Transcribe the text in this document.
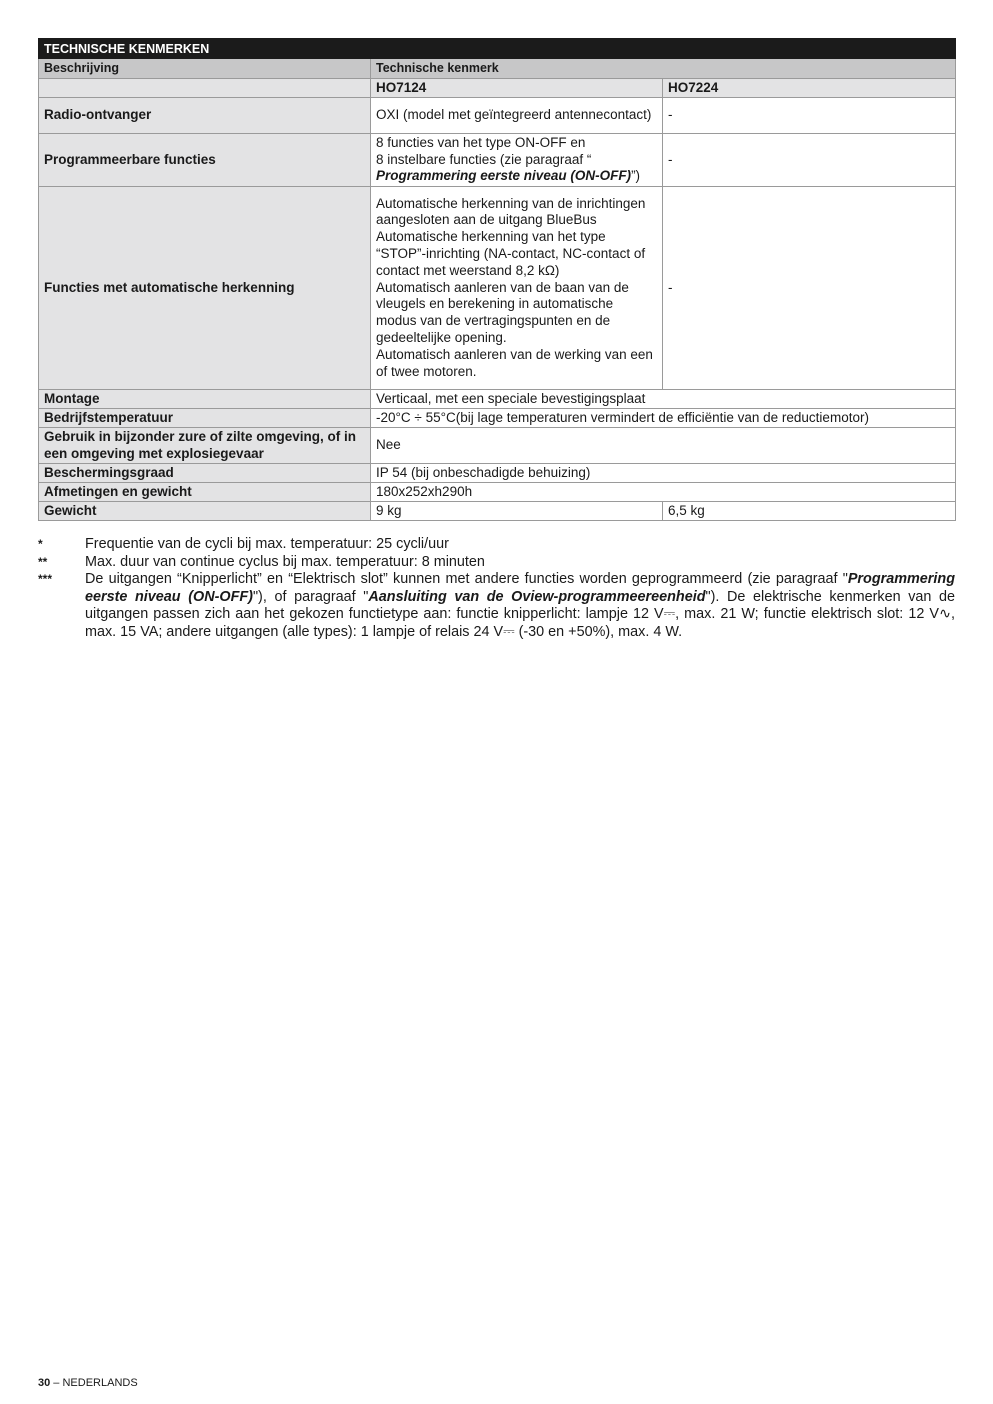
TECHNISCHE KENMERKEN		
Beschrijving	Technische kenmerk	
	HO7124	HO7224
Radio-ontvanger	OXI (model met geïntegreerd antennecontact)	-
Programmeerbare functies	8 functies van het type ON-OFF en
8 instelbare functies (zie paragraaf “
Programmering eerste niveau (ON-OFF)”)	-
Functies met automatische herkenning	Automatische herkenning van de inrichtingen aangesloten aan de uitgang BlueBus
Automatische herkenning van het type “STOP”-inrichting (NA-contact, NC-contact of contact met weerstand 8,2 kΩ)
Automatisch aanleren van de baan van de vleugels en berekening in automatische modus van de vertragingspunten en de gedeeltelijke opening.
Automatisch aanleren van de werking van een of twee motoren.	-
Montage	Verticaal, met een speciale bevestigingsplaat	
Bedrijfstemperatuur	-20°C ÷ 55°C(bij lage temperaturen vermindert de efficiëntie van de reductiemotor)	
Gebruik in bijzonder zure of zilte omgeving, of in een omgeving met explosiegevaar	Nee	
Beschermingsgraad	IP 54 (bij onbeschadigde behuizing)	
Afmetingen en gewicht	180x252xh290h	
Gewicht	9 kg	6,5 kg
*	Frequentie van de cycli bij max. temperatuur: 25 cycli/uur
**	Max. duur van continue cyclus bij max. temperatuur: 8 minuten
***	De uitgangen “Knipperlicht” en “Elektrisch slot” kunnen met andere functies worden geprogrammeerd (zie paragraaf "Programmering eerste niveau (ON-OFF)"), of paragraaf "Aansluiting van de Oview-programmeereenheid"). De elektrische kenmerken van de uitgangen passen zich aan het gekozen functietype aan: functie knipperlicht: lampje 12 V⎓, max. 21 W; functie elektrisch slot: 12 V∿, max. 15 VA; andere uitgangen (alle types): 1 lampje of relais 24 V⎓ (-30 en +50%), max. 4 W.
30 – NEDERLANDS
